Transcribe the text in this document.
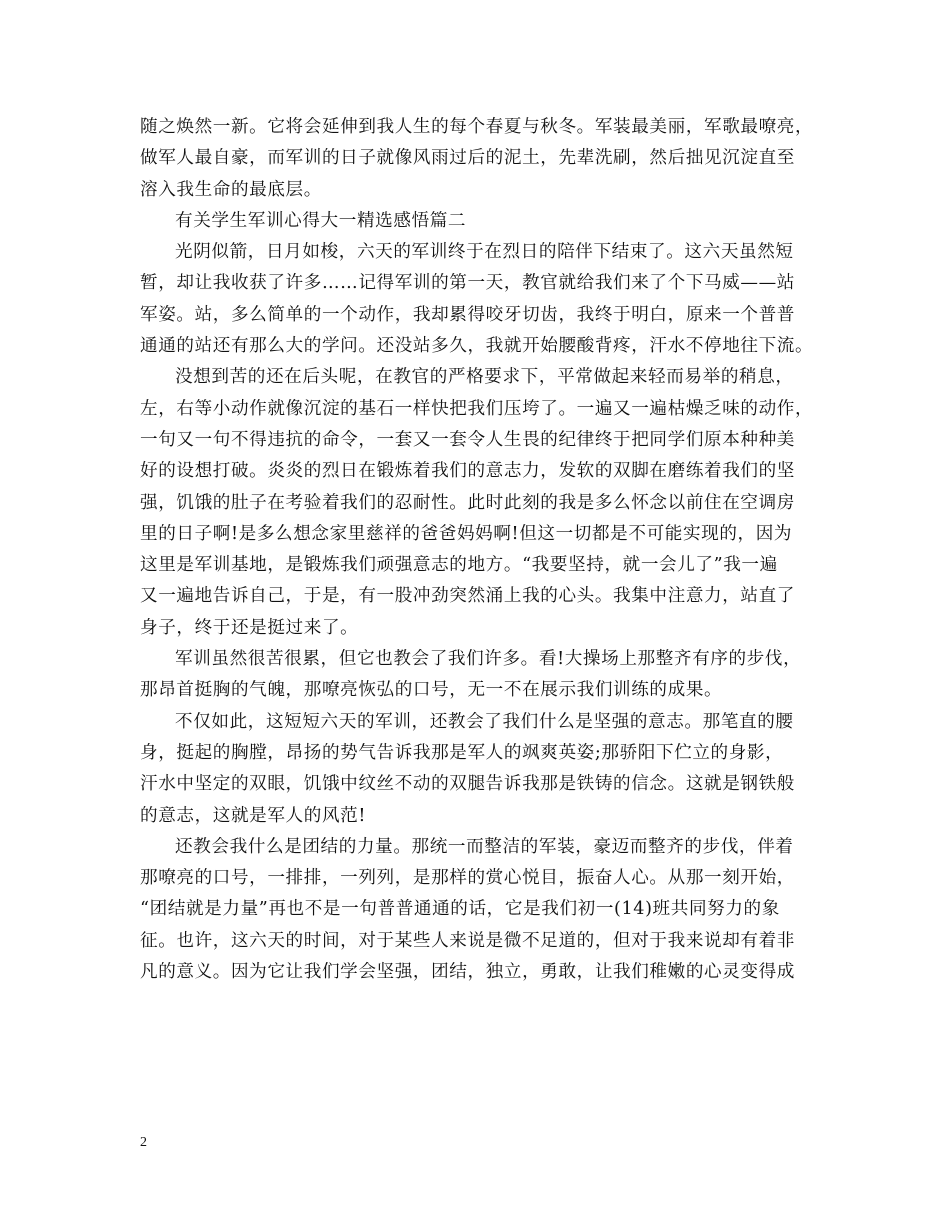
随之焕然一新。它将会延伸到我人生的每个春夏与秋冬。军装最美丽，军歌最嘹亮，
做军人最自豪，而军训的日子就像风雨过后的泥土，先辈洗刷，然后拙见沉淀直至
溶入我生命的最底层。
有关学生军训心得大一精选感悟篇二
光阴似箭，日月如梭，六天的军训终于在烈日的陪伴下结束了。这六天虽然短
暂，却让我收获了许多……记得军训的第一天，教官就给我们来了个下马威——站
军姿。站，多么简单的一个动作，我却累得咬牙切齿，我终于明白，原来一个普普
通通的站还有那么大的学问。还没站多久，我就开始腰酸背疼，汗水不停地往下流。
没想到苦的还在后头呢，在教官的严格要求下，平常做起来轻而易举的稍息，
左，右等小动作就像沉淀的基石一样快把我们压垮了。一遍又一遍枯燥乏味的动作，
一句又一句不得违抗的命令，一套又一套令人生畏的纪律终于把同学们原本种种美
好的设想打破。炎炎的烈日在锻炼着我们的意志力，发软的双脚在磨练着我们的坚
强，饥饿的肚子在考验着我们的忍耐性。此时此刻的我是多么怀念以前住在空调房
里的日子啊!是多么想念家里慈祥的爸爸妈妈啊!但这一切都是不可能实现的，因为
这里是军训基地，是锻炼我们顽强意志的地方。“我要坚持，就一会儿了”我一遍
又一遍地告诉自己，于是，有一股冲劲突然涌上我的心头。我集中注意力，站直了
身子，终于还是挺过来了。
军训虽然很苦很累，但它也教会了我们许多。看!大操场上那整齐有序的步伐，
那昂首挺胸的气魄，那嘹亮恢弘的口号，无一不在展示我们训练的成果。
不仅如此，这短短六天的军训，还教会了我们什么是坚强的意志。那笔直的腰
身，挺起的胸膛，昂扬的势气告诉我那是军人的飒爽英姿;那骄阳下伫立的身影，
汗水中坚定的双眼，饥饿中纹丝不动的双腿告诉我那是铁铸的信念。这就是钢铁般
的意志，这就是军人的风范!
还教会我什么是团结的力量。那统一而整洁的军装，豪迈而整齐的步伐，伴着
那嘹亮的口号，一排排，一列列，是那样的赏心悦目，振奋人心。从那一刻开始，
“团结就是力量”再也不是一句普普通通的话，它是我们初一(14)班共同努力的象
征。也许，这六天的时间，对于某些人来说是微不足道的，但对于我来说却有着非
凡的意义。因为它让我们学会坚强，团结，独立，勇敢，让我们稚嫩的心灵变得成
2
